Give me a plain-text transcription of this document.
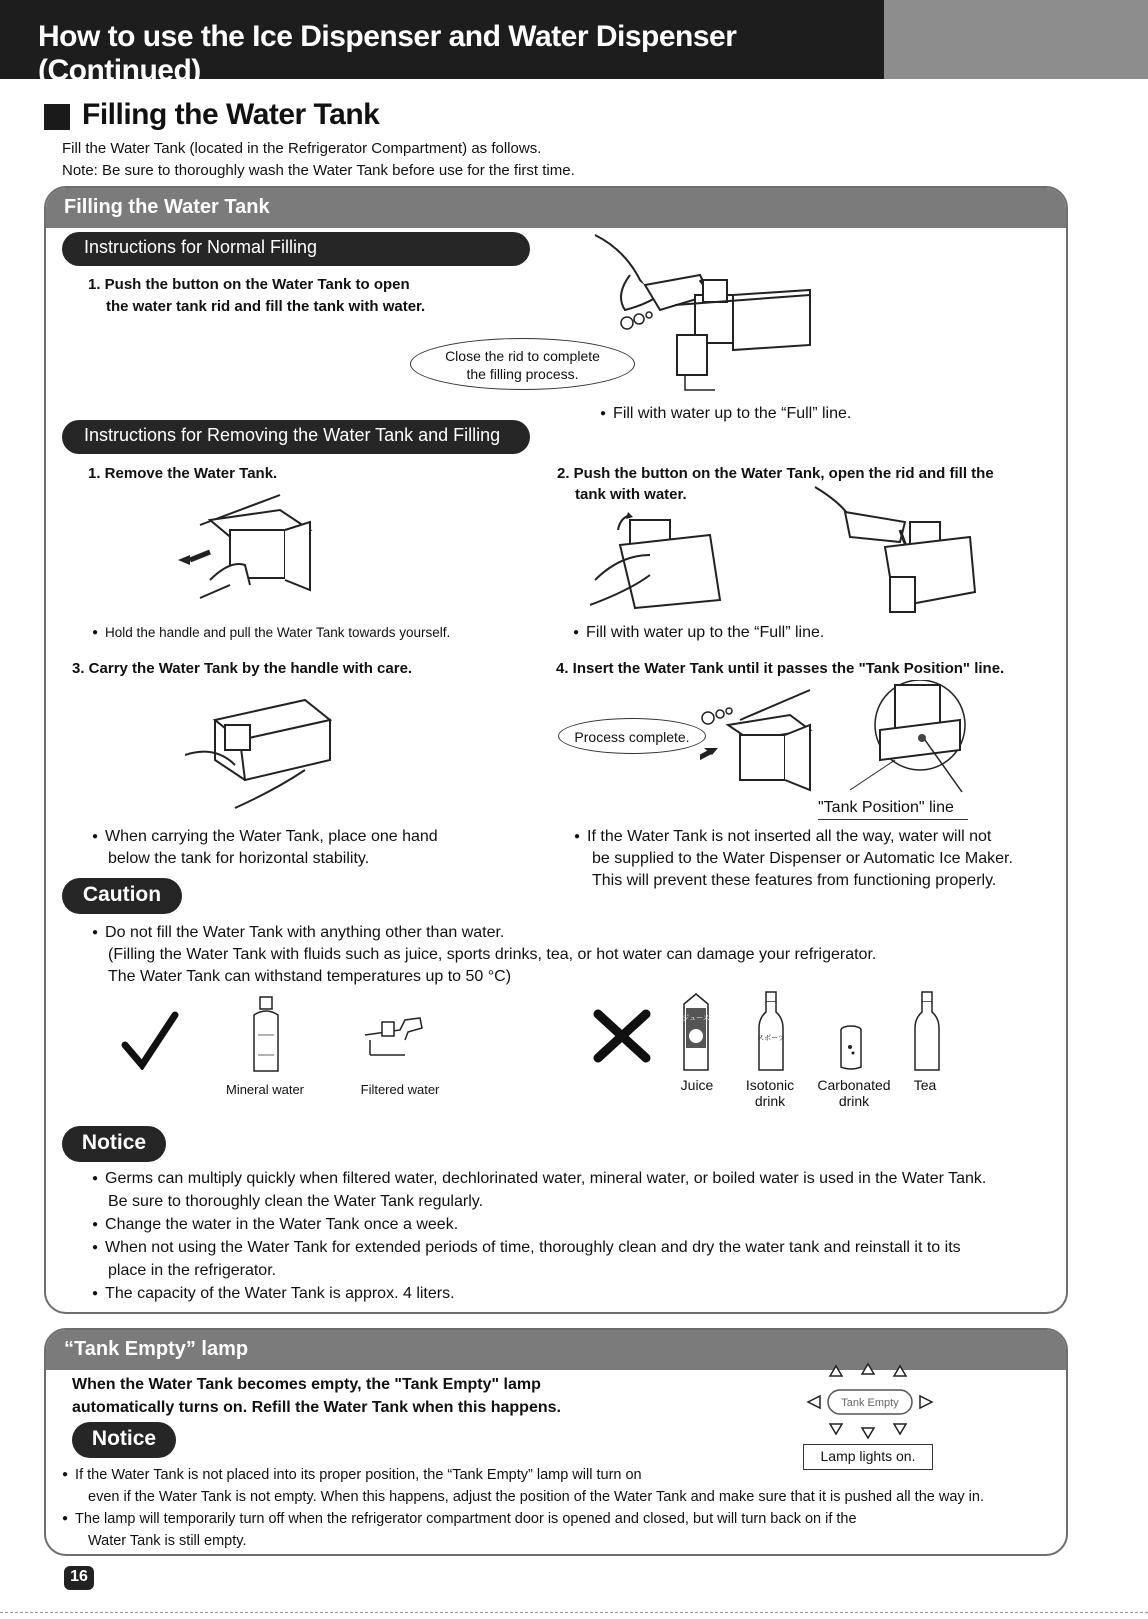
How to use the Ice Dispenser and Water Dispenser (Continued)
Filling the Water Tank
Fill the Water Tank (located in the Refrigerator Compartment) as follows.
Note: Be sure to thoroughly wash the Water Tank before use for the first time.
Filling the Water Tank
Instructions for Normal Filling
1. Push the button on the Water Tank to open
the water tank rid and fill the tank with water.
Close the rid to complete
the filling process.
● Fill with water up to the “Full” line.
Instructions for Removing the Water Tank and Filling
1. Remove the Water Tank.
● Hold the handle and pull the Water Tank towards yourself.
2. Push the button on the Water Tank, open the rid and fill the
tank with water.
● Fill with water up to the “Full” line.
3. Carry the Water Tank by the handle with care.
● When carrying the Water Tank, place one hand
below the tank for horizontal stability.
4. Insert the Water Tank until it passes the "Tank Position" line.
Process complete.
"Tank Position" line
● If the Water Tank is not inserted all the way, water will not
be supplied to the Water Dispenser or Automatic Ice Maker.
This will prevent these features from functioning properly.
Caution
● Do not fill the Water Tank with anything other than water.
(Filling the Water Tank with fluids such as juice, sports drinks, tea, or hot water can damage your refrigerator.
The Water Tank can withstand temperatures up to 50 °C)
Mineral water	Filtered water
ジュース
スポーツ
Juice	Isotonic drink
Carbonated drink
Tea
Notice
● Germs can multiply quickly when filtered water, dechlorinated water, mineral water, or boiled water is used in the Water Tank.
Be sure to thoroughly clean the Water Tank regularly.
● Change the water in the Water Tank once a week.
● When not using the Water Tank for extended periods of time, thoroughly clean and dry the water tank and reinstall it to its
place in the refrigerator.
● The capacity of the Water Tank is approx. 4 liters.
“Tank Empty” lamp
When the Water Tank becomes empty, the "Tank Empty" lamp
automatically turns on. Refill the Water Tank when this happens.
Notice
Tank Empty
Lamp lights on.
● If the Water Tank is not placed into its proper position, the “Tank Empty” lamp will turn on
even if the Water Tank is not empty. When this happens, adjust the position of the Water Tank and make sure that it is pushed all the way in.
● The lamp will temporarily turn off when the refrigerator compartment door is opened and closed, but will turn back on if the
Water Tank is still empty.
16
